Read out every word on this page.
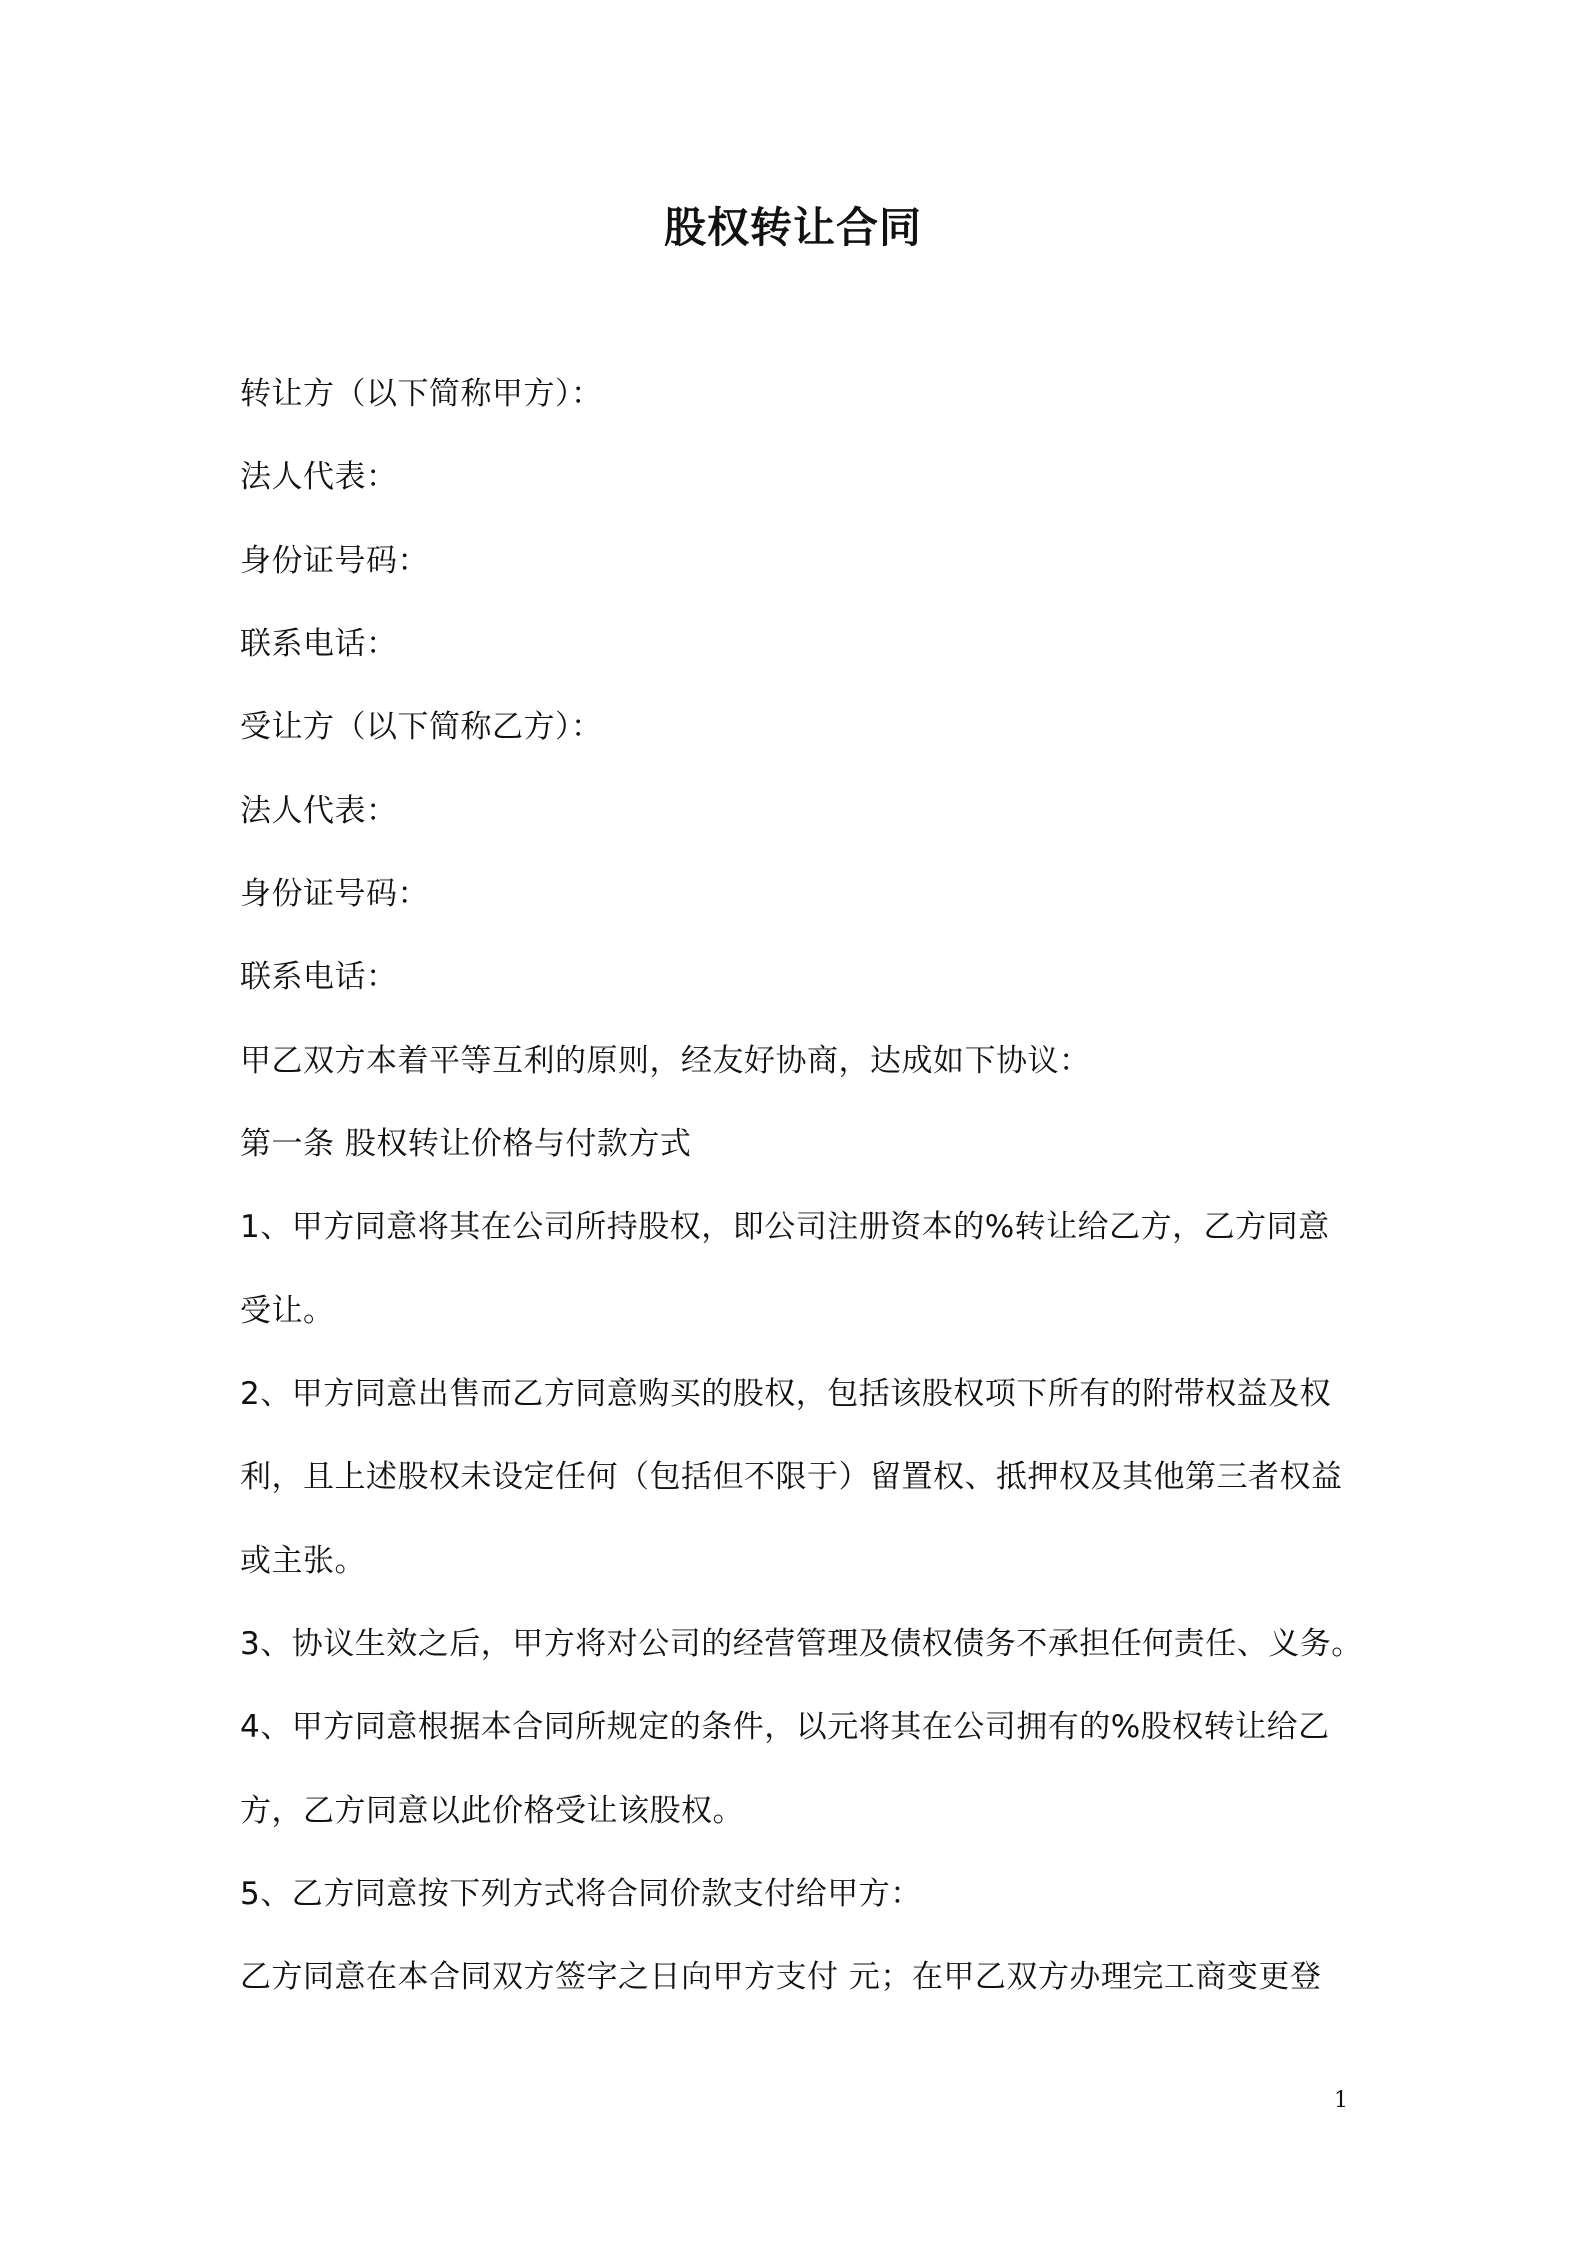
股权转让合同
转让方（以下简称甲方）：
法人代表：
身份证号码：
联系电话：
受让方（以下简称乙方）：
法人代表：
身份证号码：
联系电话：
甲乙双方本着平等互利的原则，经友好协商，达成如下协议：
第一条 股权转让价格与付款方式
1、甲方同意将其在公司所持股权，即公司注册资本的%转让给乙方，乙方同意
受让。
2、甲方同意出售而乙方同意购买的股权，包括该股权项下所有的附带权益及权
利，且上述股权未设定任何（包括但不限于）留置权、抵押权及其他第三者权益
或主张。
3、协议生效之后，甲方将对公司的经营管理及债权债务不承担任何责任、义务。
4、甲方同意根据本合同所规定的条件，以元将其在公司拥有的%股权转让给乙
方，乙方同意以此价格受让该股权。
5、乙方同意按下列方式将合同价款支付给甲方：
乙方同意在本合同双方签字之日向甲方支付 元；在甲乙双方办理完工商变更登
1
